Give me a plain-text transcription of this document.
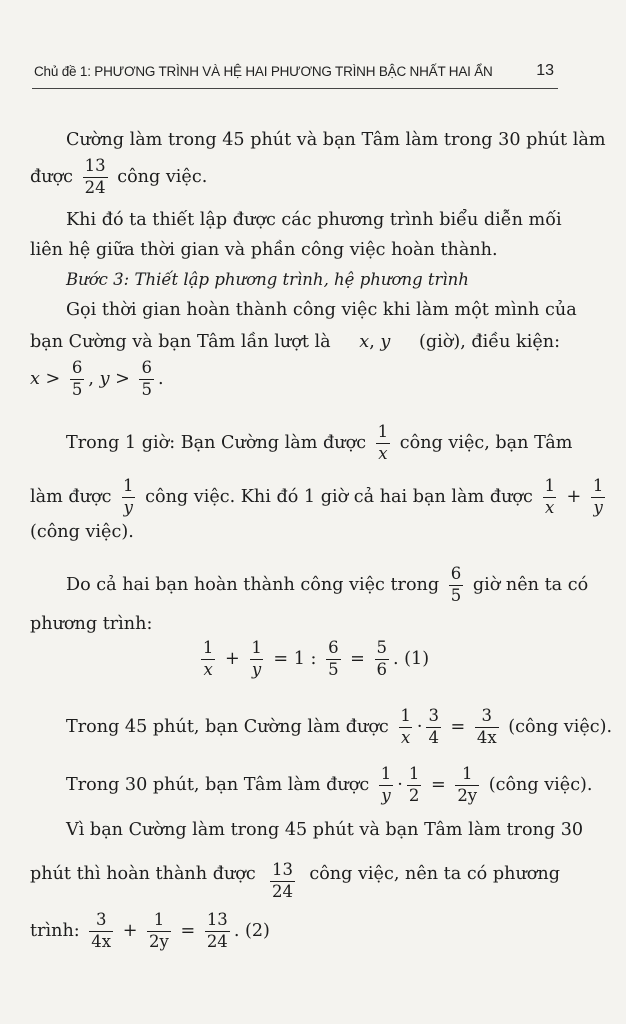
Chủ đề 1: PHƯƠNG TRÌNH VÀ HỆ HAI PHƯƠNG TRÌNH BẬC NHẤT HAI ẨN	13
Cường làm trong 45 phút và bạn Tâm làm trong 30 phút làm
được $\frac{13}{24}$ công việc.
Khi đó ta thiết lập được các phương trình biểu diễn mối
liên hệ giữa thời gian và phần công việc hoàn thành.
Bước 3: Thiết lập phương trình, hệ phương trình
Gọi thời gian hoàn thành công việc khi làm một mình của
bạn Cường và bạn Tâm lần lượt là x, y (giờ), điều kiện:
$x > \frac{6}{5}$ , $y > \frac{6}{5}$ .
Trong 1 giờ: Bạn Cường làm được $\frac{1}{x}$ công việc, bạn Tâm
làm được $\frac{1}{y}$ công việc. Khi đó 1 giờ cả hai bạn làm được $\frac{1}{x} + \frac{1}{y}$
(công việc).
Do cả hai bạn hoàn thành công việc trong $\frac{6}{5}$ giờ nên ta có
phương trình:
$\frac{1}{x} + \frac{1}{y} = 1$ : $\frac{6}{5} = \frac{5}{6}$ . (1)
Trong 45 phút, bạn Cường làm được $\frac{1}{x} \cdot \frac{3}{4} = \frac{3}{4x}$ (công việc).
Trong 30 phút, bạn Tâm làm được $\frac{1}{y} \cdot \frac{1}{2} = \frac{1}{2y}$ (công việc).
Vì bạn Cường làm trong 45 phút và bạn Tâm làm trong 30
phút thì hoàn thành được $\frac{13}{24}$ công việc, nên ta có phương
trình: $\frac{3}{4x} + \frac{1}{2y} = \frac{13}{24}$ . (2)
